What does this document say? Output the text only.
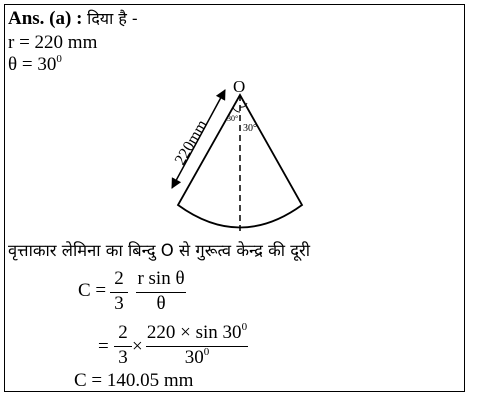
Ans. (a) : दिया है -
r = 220 mm
$\theta = 30^0$
O
220mm 30°
30°
वृत्ताकार लेमिना का बिन्दु O से गुरूत्व केन्द्र की दूरी
C =
2
3
r sin θ
θ
=
2
3
×
$220 \times \sin 30^0$
$30^0$
C = 140.05 mm
